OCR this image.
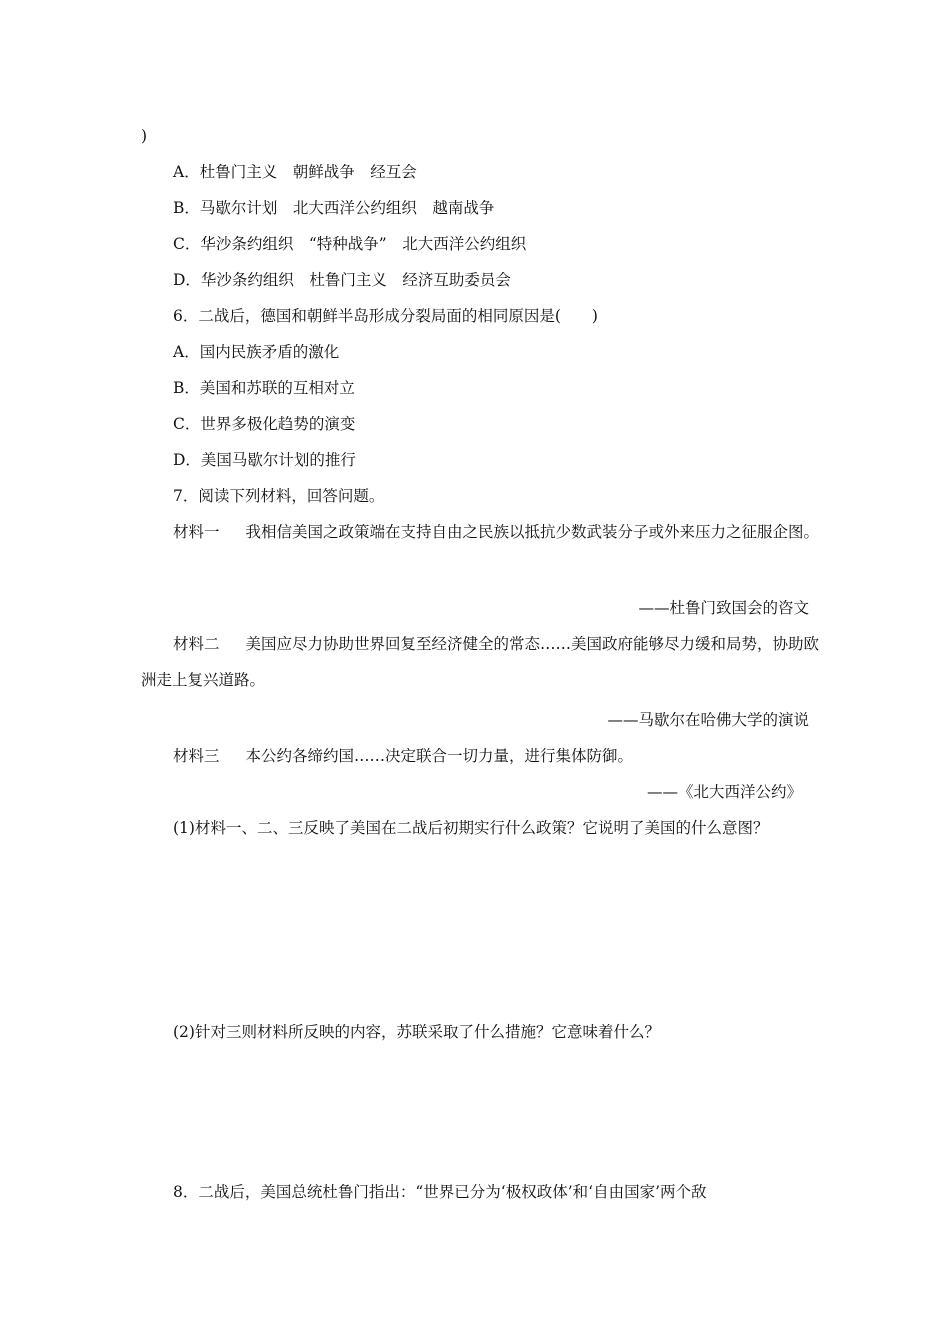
)
A．杜鲁门主义　朝鲜战争　经互会
B．马歇尔计划　北大西洋公约组织　越南战争
C．华沙条约组织　“特种战争”　北大西洋公约组织
D．华沙条约组织　杜鲁门主义　经济互助委员会
6．二战后，德国和朝鲜半岛形成分裂局面的相同原因是(　　)
A．国内民族矛盾的激化
B．美国和苏联的互相对立
C．世界多极化趋势的演变
D．美国马歇尔计划的推行
7．阅读下列材料，回答问题。
材料一 我相信美国之政策端在支持自由之民族以抵抗少数武装分子或外来压力之征服企图。
——杜鲁门致国会的咨文
材料二 美国应尽力协助世界回复至经济健全的常态……美国政府能够尽力缓和局势，协助欧洲走上复兴道路。
——马歇尔在哈佛大学的演说
材料三 本公约各缔约国……决定联合一切力量，进行集体防御。
——《北大西洋公约》
(1)材料一、二、三反映了美国在二战后初期实行什么政策？它说明了美国的什么意图？
(2)针对三则材料所反映的内容，苏联采取了什么措施？它意味着什么？
8．二战后，美国总统杜鲁门指出：“世界已分为‘极权政体’和‘自由国家’两个敌
